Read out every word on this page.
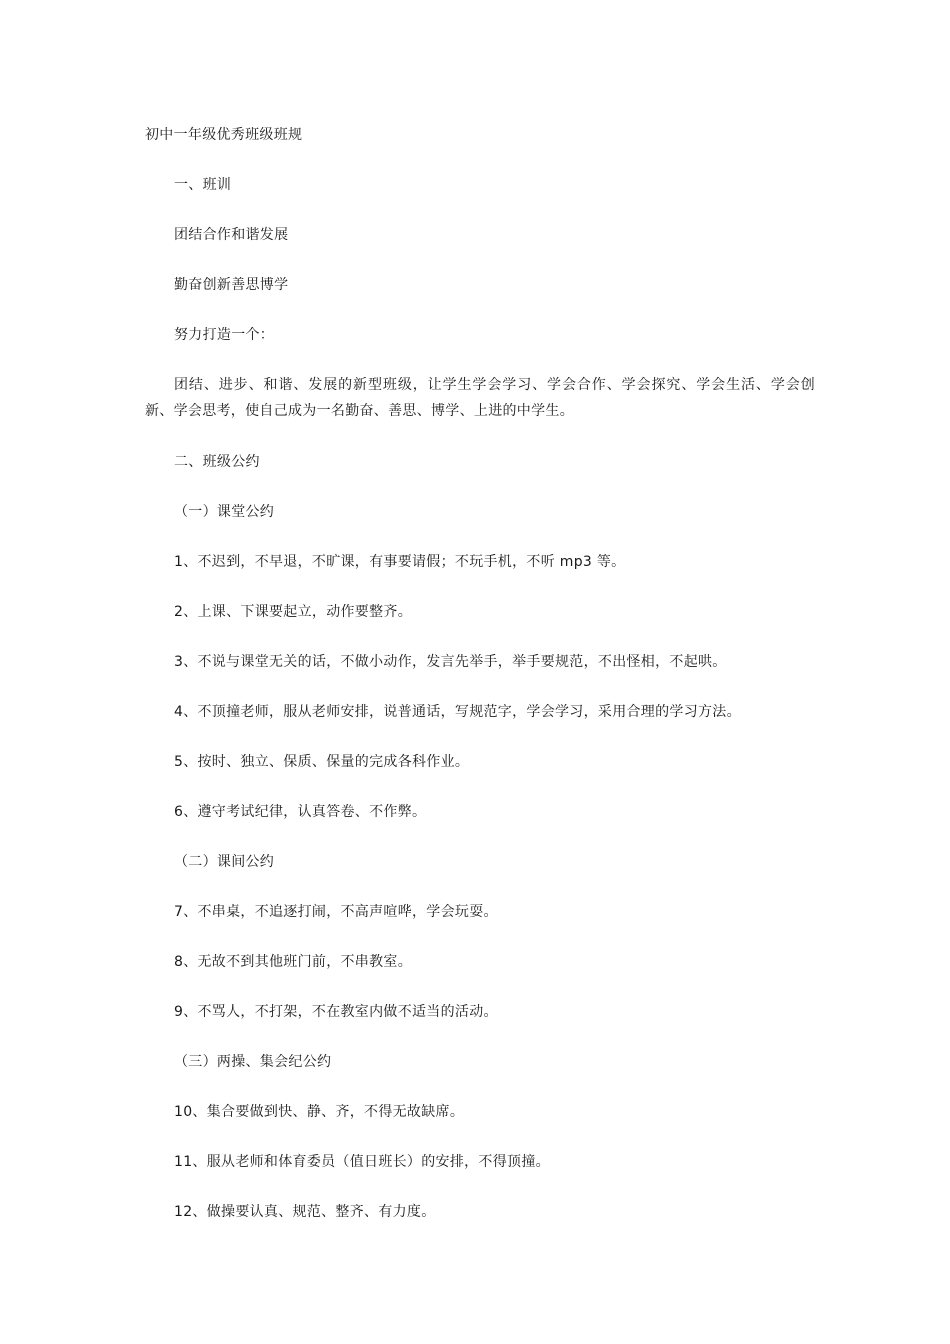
初中一年级优秀班级班规
一、班训
团结合作和谐发展
勤奋创新善思博学
努力打造一个：
团结、进步、和谐、发展的新型班级，让学生学会学习、学会合作、学会探究、学会生活、学会创新、学会思考，使自己成为一名勤奋、善思、博学、上进的中学生。
二、班级公约
（一）课堂公约
1、不迟到，不早退，不旷课，有事要请假；不玩手机，不听 mp3 等。
2、上课、下课要起立，动作要整齐。
3、不说与课堂无关的话，不做小动作，发言先举手，举手要规范，不出怪相，不起哄。
4、不顶撞老师，服从老师安排，说普通话，写规范字，学会学习，采用合理的学习方法。
5、按时、独立、保质、保量的完成各科作业。
6、遵守考试纪律，认真答卷、不作弊。
（二）课间公约
7、不串桌，不追逐打闹，不高声喧哗，学会玩耍。
8、无故不到其他班门前，不串教室。
9、不骂人，不打架，不在教室内做不适当的活动。
（三）两操、集会纪公约
10、集合要做到快、静、齐，不得无故缺席。
11、服从老师和体育委员（值日班长）的安排，不得顶撞。
12、做操要认真、规范、整齐、有力度。
